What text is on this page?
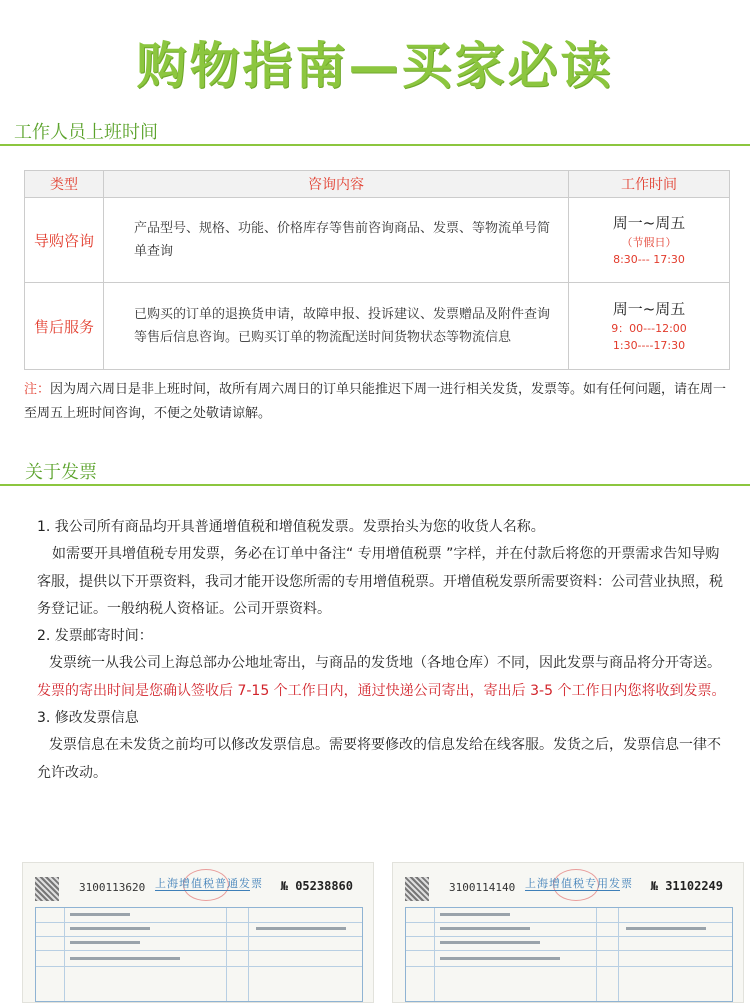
购物指南—买家必读
工作人员上班时间
类型	咨询内容	工作时间
导购咨询	产品型号、规格、功能、价格库存等售前咨询商品、发票、等物流单号简单查询	周一~周五
（节假日）
8:30--- 17:30

售后服务	已购买的订单的退换货申请，故障申报、投诉建议、发票赠品及附件查询等售后信息咨询。已购买订单的物流配送时间货物状态等物流信息	周一~周五
9：00---12:00
1:30----17:30
注：因为周六周日是非上班时间，故所有周六周日的订单只能推迟下周一进行相关发货，发票等。如有任何问题，请在周一至周五上班时间咨询，不便之处敬请谅解。
关于发票

1. 我公司所有商品均开具普通增值税和增值税发票。发票抬头为您的收货人名称。

如需要开具增值税专用发票，务必在订单中备注“ 专用增值税票 ”字样，并在付款后将您的开票需求告知导购客服，提供以下开票资料，我司才能开设您所需的专用增值税票。开增值税发票所需要资料：公司营业执照，税务登记证。一般纳税人资格证。公司开票资料。

2. 发票邮寄时间：

发票统一从我公司上海总部办公地址寄出，与商品的发货地（各地仓库）不同，因此发票与商品将分开寄送。

发票的寄出时间是您确认签收后 7-15 个工作日内，通过快递公司寄出，寄出后 3-5 个工作日内您将收到发票。

3. 修改发票信息

发票信息在未发货之前均可以修改发票信息。需要将要修改的信息发给在线客服。发货之后，发票信息一律不允许改动。

3100113620 上海增值税普通发票 № 05238860	3100114140 上海增值税专用发票 № 31102249
